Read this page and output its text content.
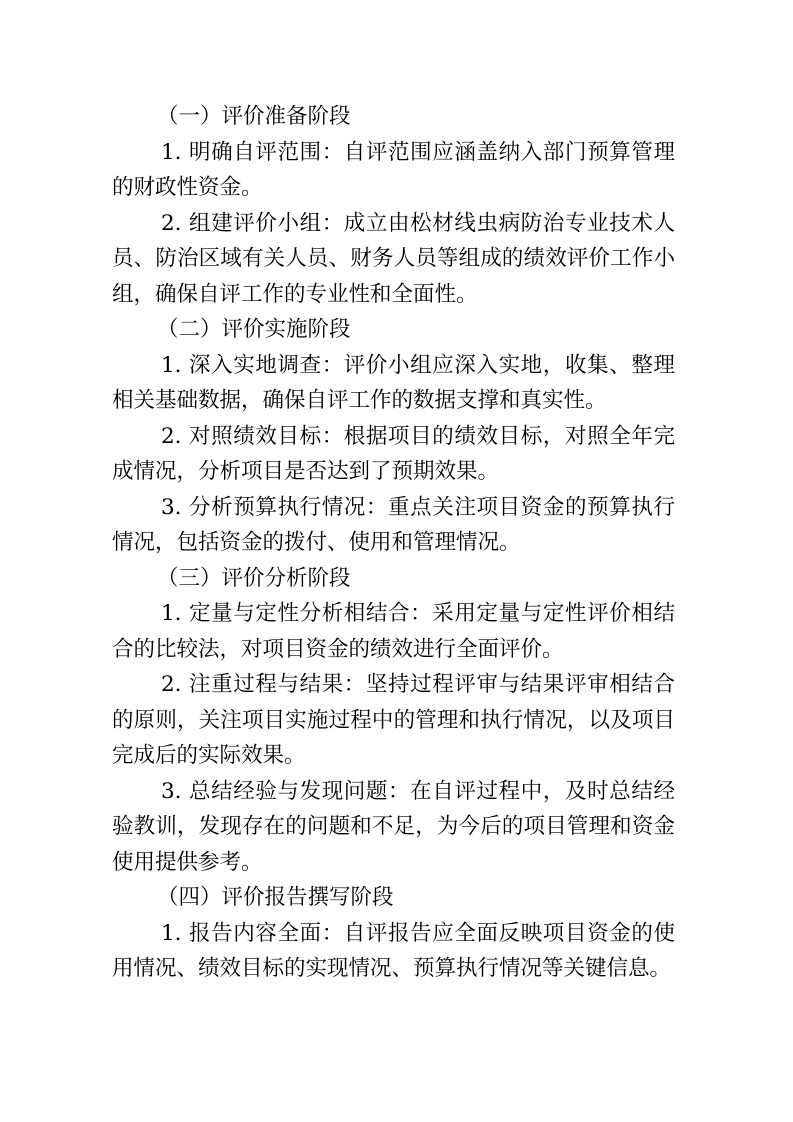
（一）评价准备阶段

1. 明确自评范围：自评范围应涵盖纳入部门预算管理的财政性资金。

2. 组建评价小组：成立由松材线虫病防治专业技术人员、防治区域有关人员、财务人员等组成的绩效评价工作小组，确保自评工作的专业性和全面性。

（二）评价实施阶段

1. 深入实地调查：评价小组应深入实地，收集、整理相关基础数据，确保自评工作的数据支撑和真实性。

2. 对照绩效目标：根据项目的绩效目标，对照全年完成情况，分析项目是否达到了预期效果。

3. 分析预算执行情况：重点关注项目资金的预算执行情况，包括资金的拨付、使用和管理情况。

（三）评价分析阶段

1. 定量与定性分析相结合：采用定量与定性评价相结合的比较法，对项目资金的绩效进行全面评价。

2. 注重过程与结果：坚持过程评审与结果评审相结合的原则，关注项目实施过程中的管理和执行情况，以及项目完成后的实际效果。

3. 总结经验与发现问题：在自评过程中，及时总结经验教训，发现存在的问题和不足，为今后的项目管理和资金使用提供参考。

（四）评价报告撰写阶段

1. 报告内容全面：自评报告应全面反映项目资金的使用情况、绩效目标的实现情况、预算执行情况等关键信息。
